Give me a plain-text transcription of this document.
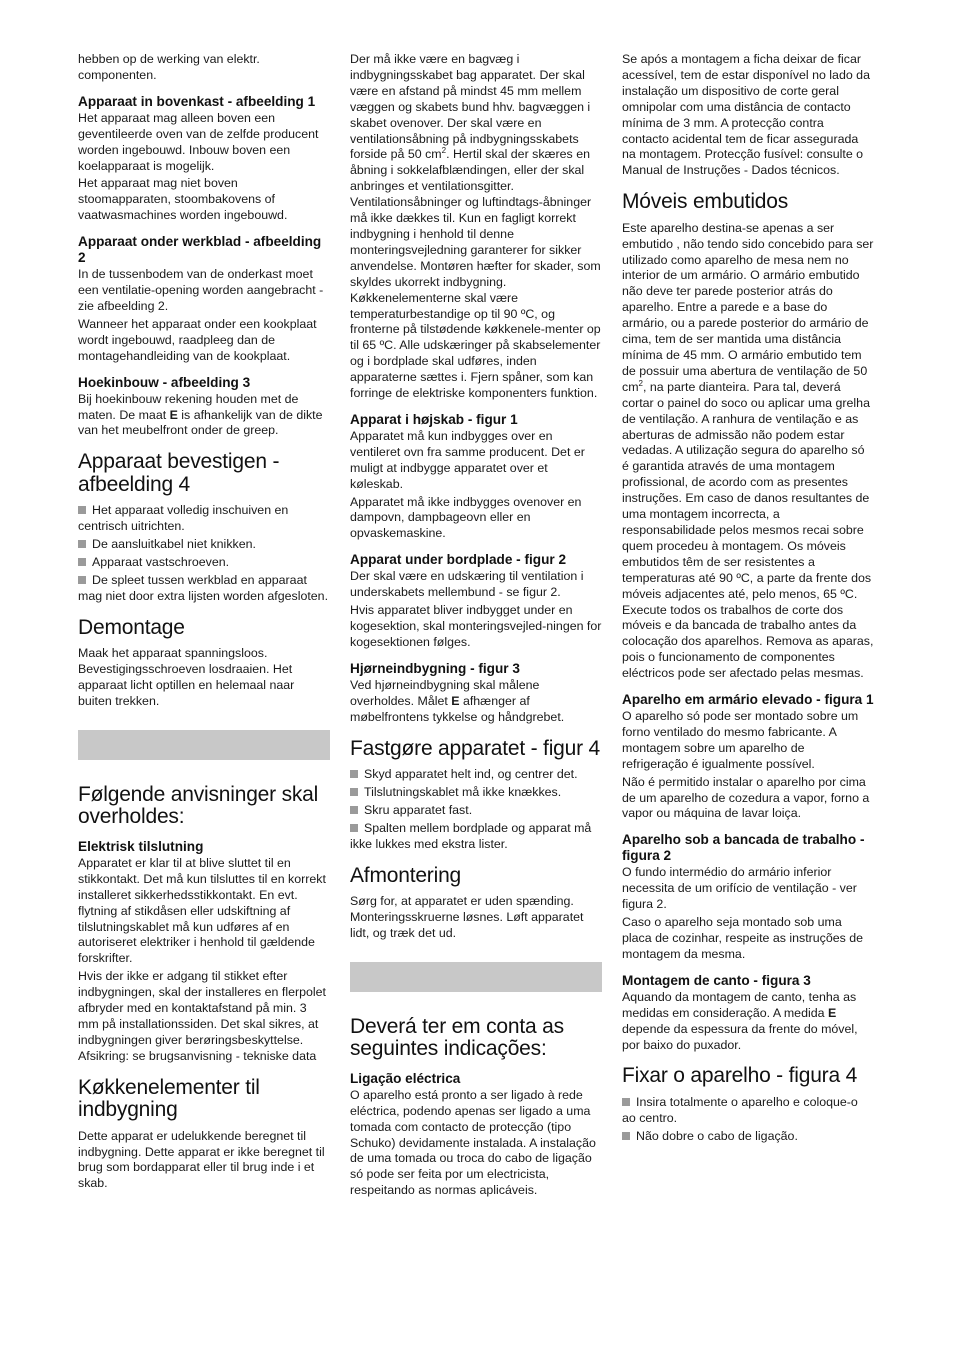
hebben op de werking van elektr. componenten.

Apparaat in bovenkast - afbeelding 1

Het apparaat mag alleen boven een geventileerde oven van de zelfde producent worden ingebouwd. Inbouw boven een koelapparaat is mogelijk.

Het apparaat mag niet boven stoomapparaten, stoombakovens of vaatwasmachines worden ingebouwd.

Apparaat onder werkblad - afbeelding 2

In de tussenbodem van de onderkast moet een ventilatie-opening worden aangebracht - zie afbeelding 2.

Wanneer het apparaat onder een kookplaat wordt ingebouwd, raadpleeg dan de montagehandleiding van de kookplaat.

Hoekinbouw - afbeelding 3

Bij hoekinbouw rekening houden met de maten. De maat E is afhankelijk van de dikte van het meubelfront onder de greep.

Apparaat bevestigen - afbeelding 4
Het apparaat volledig inschuiven en centrisch uitrichten.
De aansluitkabel niet knikken.
Apparaat vastschroeven.
De spleet tussen werkblad en apparaat mag niet door extra lijsten worden afgesloten.
Demontage

Maak het apparaat spanningsloos. Bevestigingsschroeven losdraaien. Het apparaat licht optillen en helemaal naar buiten trekken.

Følgende anvisninger skal overholdes:
Elektrisk tilslutning

Apparatet er klar til at blive sluttet til en stikkontakt. Det må kun tilsluttes til en korrekt installeret sikkerhedsstikkontakt. En evt. flytning af stikdåsen eller udskiftning af tilslutningskablet må kun udføres af en autoriseret elektriker i henhold til gældende forskrifter.

Hvis der ikke er adgang til stikket efter indbygningen, skal der installeres en flerpolet afbryder med en kontaktafstand på min. 3 mm på installationssiden. Det skal sikres, at indbygningen giver berøringsbeskyttelse. Afsikring: se brugsanvisning - tekniske data

Køkkenelementer til indbygning

Dette apparat er udelukkende beregnet til indbygning. Dette apparat er ikke beregnet til brug som bordapparat eller til brug inde i et skab.

Der må ikke være en bagvæg i indbygningsskabet bag apparatet. Der skal være en afstand på mindst 45 mm mellem væggen og skabets bund hhv. bagvæggen i skabet ovenover. Der skal være en ventilationsåbning på indbygningsskabets forside på 50 $cm^2$. Hertil skal der skæres en åbning i sokkelafblændingen, eller der skal anbringes et ventilationsgitter. Ventilationsåbninger og luftindtags-åbninger må ikke dækkes til. Kun en fagligt korrekt indbygning i henhold til denne monteringsvejledning garanterer for sikker anvendelse. Montøren hæfter for skader, som skyldes ukorrekt indbygning. Køkkenelementerne skal være temperaturbestandige op til 90 ºC, og fronterne på tilstødende køkkenele-menter op til 65 ºC. Alle udskæringer på skabselementer og i bordplade skal udføres, inden apparaterne sættes i. Fjern spåner, som kan forringe de elektriske komponenters funktion.

Apparat i højskab - figur 1

Apparatet må kun indbygges over en ventileret ovn fra samme producent. Det er muligt at indbygge apparatet over et køleskab.

Apparatet må ikke indbygges ovenover en dampovn, dampbageovn eller en opvaskemaskine.

Apparat under bordplade - figur 2

Der skal være en udskæring til ventilation i underskabets mellembund - se figur 2.

Hvis apparatet bliver indbygget under en kogesektion, skal monteringsvejled-ningen for kogesektionen følges.

Hjørneindbygning - figur 3

Ved hjørneindbygning skal målene overholdes. Målet E afhænger af møbelfrontens tykkelse og håndgrebet.

Fastgøre apparatet - figur 4
Skyd apparatet helt ind, og centrer det.
Tilslutningskablet må ikke knækkes.
Skru apparatet fast.
Spalten mellem bordplade og apparat må ikke lukkes med ekstra lister.
Afmontering

Sørg for, at apparatet er uden spænding. Monteringsskruerne løsnes. Løft apparatet lidt, og træk det ud.

Deverá ter em conta as seguintes indicações:
Ligação eléctrica

O aparelho está pronto a ser ligado à rede eléctrica, podendo apenas ser ligado a uma tomada com contacto de protecção (tipo Schuko) devidamente instalada. A instalação de uma tomada ou troca do cabo de ligação só pode ser feita por um electricista, respeitando as normas aplicáveis.

Se após a montagem a ficha deixar de ficar acessível, tem de estar disponível no lado da instalação um dispositivo de corte geral omnipolar com uma distância de contacto mínima de 3 mm. A protecção contra contacto acidental tem de ficar assegurada na montagem. Protecção fusível: consulte o Manual de Instruções - Dados técnicos.

Móveis embutidos

Este aparelho destina-se apenas a ser embutido , não tendo sido concebido para ser utilizado como aparelho de mesa nem no interior de um armário. O armário embutido não deve ter parede posterior atrás do aparelho. Entre a parede e a base do armário, ou a parede posterior do armário de cima, tem de ser mantida uma distância mínima de 45 mm. O armário embutido tem de possuir uma abertura de ventilação de 50 $cm^2$, na parte dianteira. Para tal, deverá cortar o painel do soco ou aplicar uma grelha de ventilação. A ranhura de ventilação e as aberturas de admissão não podem estar vedadas. A utilização segura do aparelho só é garantida através de uma montagem profissional, de acordo com as presentes instruções. Em caso de danos resultantes de uma montagem incorrecta, a responsabilidade pelos mesmos recai sobre quem procedeu à montagem. Os móveis embutidos têm de ser resistentes a temperaturas até 90 ºC, a parte da frente dos móveis adjacentes até, pelo menos, 65 ºC. Execute todos os trabalhos de corte dos móveis e da bancada de trabalho antes da colocação dos aparelhos. Remova as aparas, pois o funcionamento de componentes eléctricos pode ser afectado pelas mesmas.

Aparelho em armário elevado - figura 1

O aparelho só pode ser montado sobre um forno ventilado do mesmo fabricante. A montagem sobre um aparelho de refrigeração é igualmente possível.

Não é permitido instalar o aparelho por cima de um aparelho de cozedura a vapor, forno a vapor ou máquina de lavar loiça.

Aparelho sob a bancada de trabalho - figura 2

O fundo intermédio do armário inferior necessita de um orifício de ventilação - ver figura 2.

Caso o aparelho seja montado sob uma placa de cozinhar, respeite as instruções de montagem da mesma.

Montagem de canto - figura 3

Aquando da montagem de canto, tenha as medidas em consideração. A medida E depende da espessura da frente do móvel, por baixo do puxador.

Fixar o aparelho - figura 4
Insira totalmente o aparelho e coloque-o ao centro.
Não dobre o cabo de ligação.
